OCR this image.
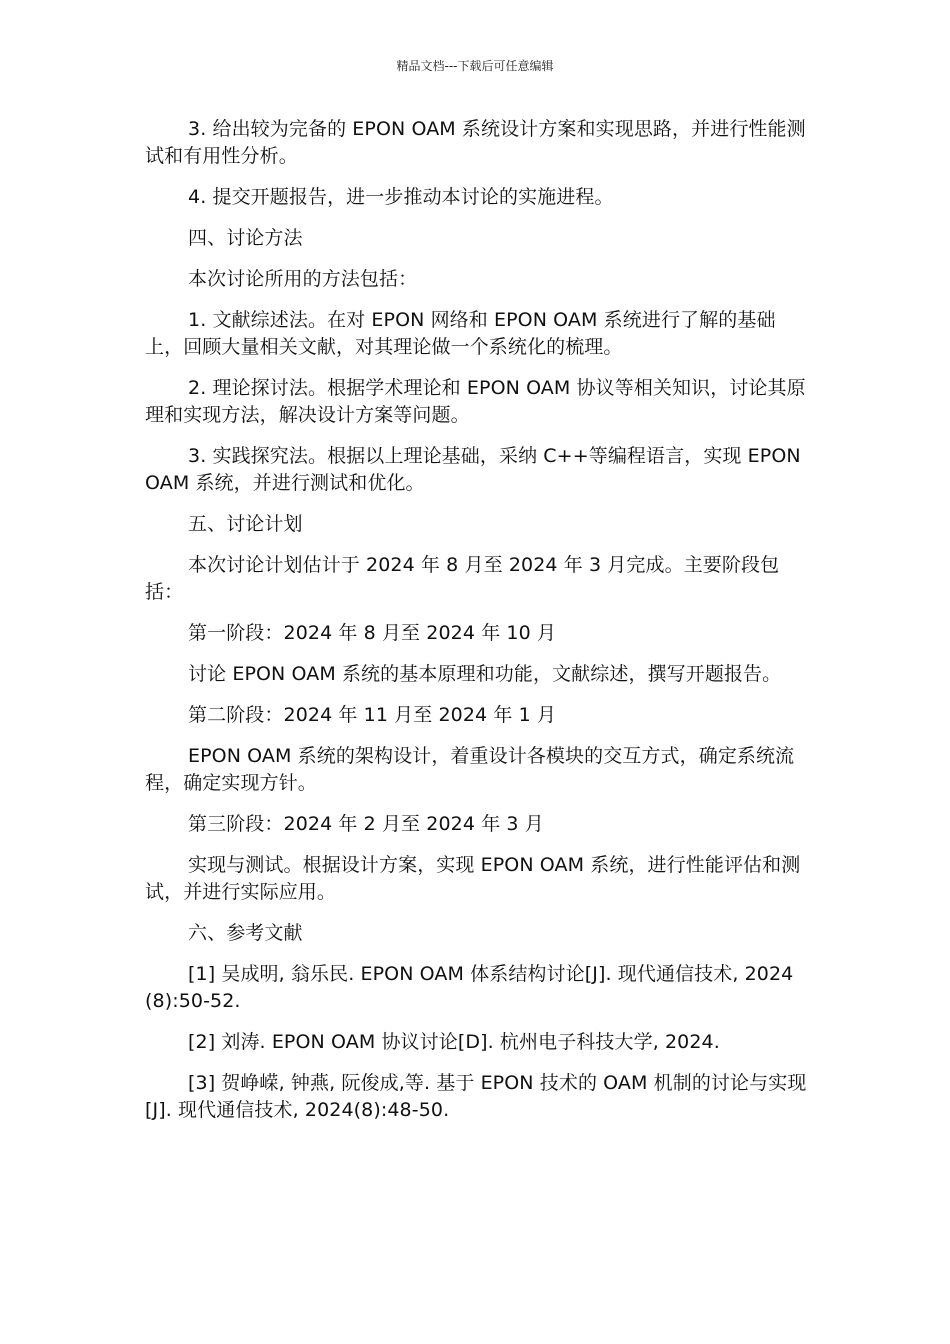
精品文档---下载后可任意编辑

3. 给出较为完备的 EPON OAM 系统设计方案和实现思路，并进行性能测试和有用性分析。

4. 提交开题报告，进一步推动本讨论的实施进程。

四、讨论方法

本次讨论所用的方法包括：

1. 文献综述法。在对 EPON 网络和 EPON OAM 系统进行了解的基础上，回顾大量相关文献，对其理论做一个系统化的梳理。

2. 理论探讨法。根据学术理论和 EPON OAM 协议等相关知识，讨论其原理和实现方法，解决设计方案等问题。

3. 实践探究法。根据以上理论基础，采纳 C++等编程语言，实现 EPON OAM 系统，并进行测试和优化。

五、讨论计划

本次讨论计划估计于 2024 年 8 月至 2024 年 3 月完成。主要阶段包括：

第一阶段：2024 年 8 月至 2024 年 10 月

讨论 EPON OAM 系统的基本原理和功能，文献综述，撰写开题报告。

第二阶段：2024 年 11 月至 2024 年 1 月

EPON OAM 系统的架构设计，着重设计各模块的交互方式，确定系统流程，确定实现方针。

第三阶段：2024 年 2 月至 2024 年 3 月

实现与测试。根据设计方案，实现 EPON OAM 系统，进行性能评估和测试，并进行实际应用。

六、参考文献

[1] 吴成明, 翁乐民. EPON OAM 体系结构讨论[J]. 现代通信技术, 2024(8):50-52.

[2] 刘涛. EPON OAM 协议讨论[D]. 杭州电子科技大学, 2024.

[3] 贺峥嵘, 钟燕, 阮俊成,等. 基于 EPON 技术的 OAM 机制的讨论与实现[J]. 现代通信技术, 2024(8):48-50.
